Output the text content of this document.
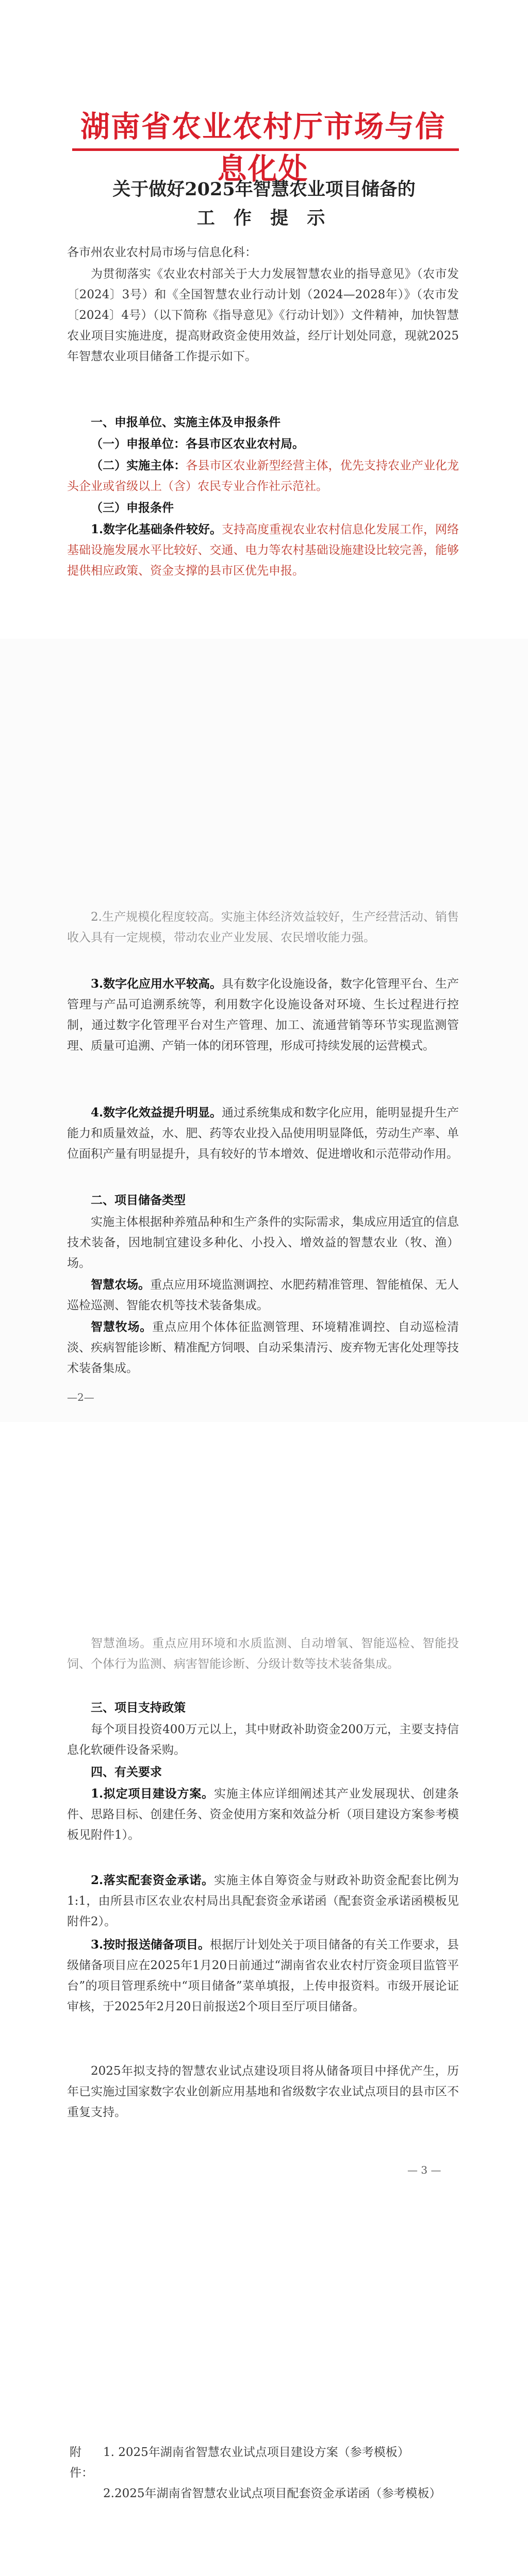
湖南省农业农村厅市场与信息化处
关于做好2025年智慧农业项目储备的
工 作 提 示
各市州农业农村局市场与信息化科：
为贯彻落实《农业农村部关于大力发展智慧农业的指导意见》（农市发〔2024〕3号）和《全国智慧农业行动计划（2024—2028年）》（农市发〔2024〕4号）（以下简称《指导意见》《行动计划》）文件精神，加快智慧农业项目实施进度，提高财政资金使用效益，经厅计划处同意，现就2025年智慧农业项目储备工作提示如下。
一、申报单位、实施主体及申报条件
（一）申报单位：各县市区农业农村局。
（二）实施主体：各县市区农业新型经营主体，优先支持农业产业化龙头企业或省级以上（含）农民专业合作社示范社。
（三）申报条件
1.数字化基础条件较好。支持高度重视农业农村信息化发展工作，网络基础设施发展水平比较好、交通、电力等农村基础设施建设比较完善，能够提供相应政策、资金支撑的县市区优先申报。
2.生产规模化程度较高。实施主体经济效益较好，生产经营活动、销售收入具有一定规模，带动农业产业发展、农民增收能力强。
3.数字化应用水平较高。具有数字化设施设备，数字化管理平台、生产管理与产品可追溯系统等，利用数字化设施设备对环境、生长过程进行控制，通过数字化管理平台对生产管理、加工、流通营销等环节实现监测管理、质量可追溯、产销一体的闭环管理，形成可持续发展的运营模式。
4.数字化效益提升明显。通过系统集成和数字化应用，能明显提升生产能力和质量效益，水、肥、药等农业投入品使用明显降低，劳动生产率、单位面积产量有明显提升，具有较好的节本增效、促进增收和示范带动作用。
二、项目储备类型
实施主体根据种养殖品种和生产条件的实际需求，集成应用适宜的信息技术装备，因地制宜建设多种化、小投入、增效益的智慧农业（牧、渔）场。
智慧农场。重点应用环境监测调控、水肥药精准管理、智能植保、无人巡检巡测、智能农机等技术装备集成。
智慧牧场。重点应用个体体征监测管理、环境精准调控、自动巡检清淡、疾病智能诊断、精准配方饲喂、自动采集清污、废弃物无害化处理等技术装备集成。
—2—
智慧渔场。重点应用环境和水质监测、自动增氧、智能巡检、智能投饲、个体行为监测、病害智能诊断、分级计数等技术装备集成。
三、项目支持政策
每个项目投资400万元以上，其中财政补助资金200万元，主要支持信息化软硬件设备采购。
四、有关要求
1.拟定项目建设方案。实施主体应详细阐述其产业发展现状、创建条件、思路目标、创建任务、资金使用方案和效益分析（项目建设方案参考模板见附件1）。
2.落实配套资金承诺。实施主体自筹资金与财政补助资金配套比例为1:1，由所县市区农业农村局出具配套资金承诺函（配套资金承诺函模板见附件2）。
3.按时报送储备项目。根据厅计划处关于项目储备的有关工作要求，县级储备项目应在2025年1月20日前通过“湖南省农业农村厅资金项目监管平台”的项目管理系统中“项目储备”菜单填报，上传申报资料。市级开展论证审核，于2025年2月20日前报送2个项目至厅项目储备。
2025年拟支持的智慧农业试点建设项目将从储备项目中择优产生，历年已实施过国家数字农业创新应用基地和省级数字农业试点项目的县市区不重复支持。
— 3 —
附件：
1. 2025年湖南省智慧农业试点项目建设方案（参考模板）
2.2025年湖南省智慧农业试点项目配套资金承诺函（参考模板）
